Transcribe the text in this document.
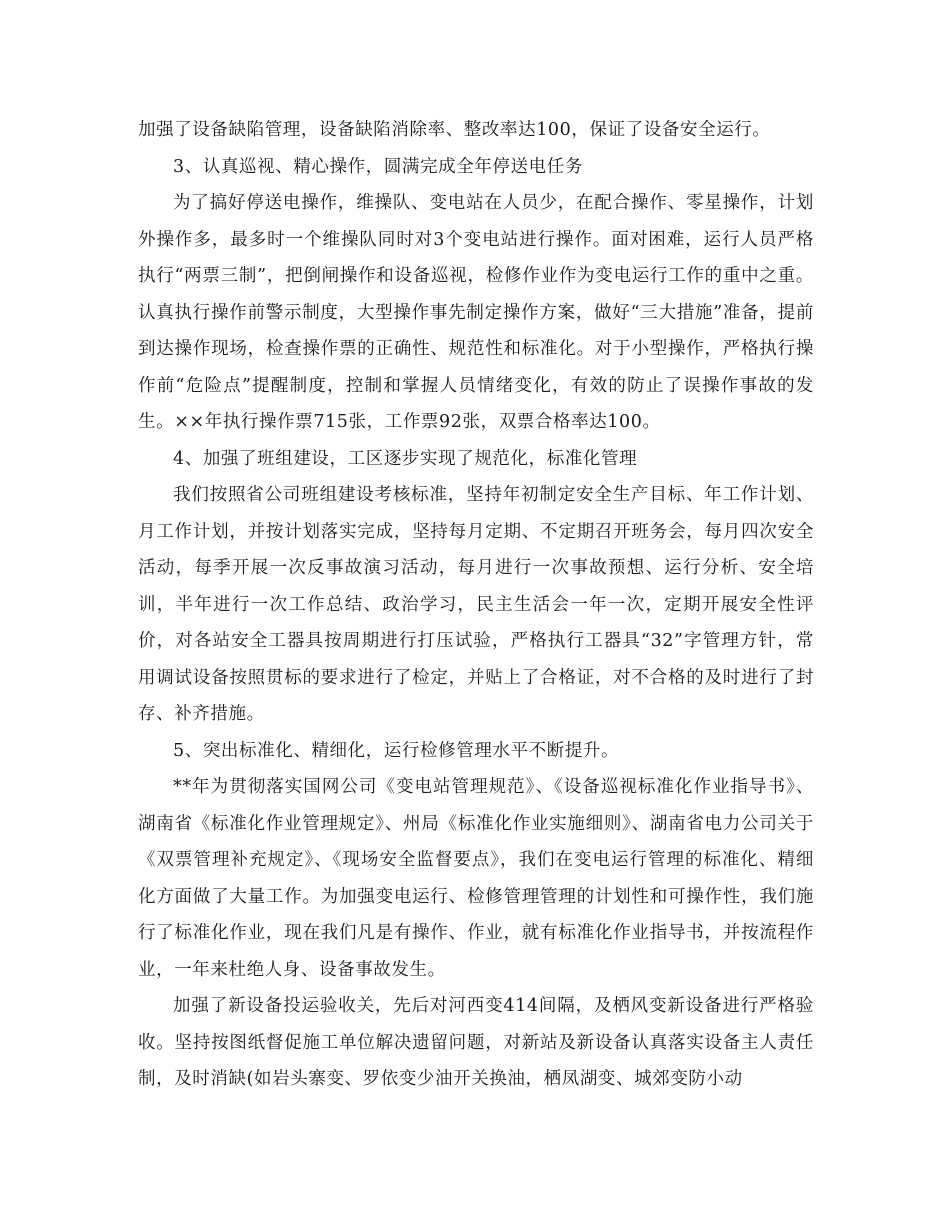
加强了设备缺陷管理，设备缺陷消除率、整改率达100，保证了设备安全运行。

3、认真巡视、精心操作，圆满完成全年停送电任务

为了搞好停送电操作，维操队、变电站在人员少，在配合操作、零星操作，计划外操作多，最多时一个维操队同时对3个变电站进行操作。面对困难，运行人员严格执行“两票三制”，把倒闸操作和设备巡视，检修作业作为变电运行工作的重中之重。认真执行操作前警示制度，大型操作事先制定操作方案，做好“三大措施”准备，提前到达操作现场，检查操作票的正确性、规范性和标准化。对于小型操作，严格执行操作前“危险点”提醒制度，控制和掌握人员情绪变化，有效的防止了误操作事故的发生。××年执行操作票715张，工作票92张，双票合格率达100。

4、加强了班组建设，工区逐步实现了规范化，标准化管理

我们按照省公司班组建设考核标准，坚持年初制定安全生产目标、年工作计划、月工作计划，并按计划落实完成，坚持每月定期、不定期召开班务会，每月四次安全活动，每季开展一次反事故演习活动，每月进行一次事故预想、运行分析、安全培训，半年进行一次工作总结、政治学习，民主生活会一年一次，定期开展安全性评价，对各站安全工器具按周期进行打压试验，严格执行工器具“32”字管理方针，常用调试设备按照贯标的要求进行了检定，并贴上了合格证，对不合格的及时进行了封存、补齐措施。

5、突出标准化、精细化，运行检修管理水平不断提升。

**年为贯彻落实国网公司《变电站管理规范》、《设备巡视标准化作业指导书》、湖南省《标准化作业管理规定》、州局《标准化作业实施细则》、湖南省电力公司关于《双票管理补充规定》、《现场安全监督要点》，我们在变电运行管理的标准化、精细化方面做了大量工作。为加强变电运行、检修管理管理的计划性和可操作性，我们施行了标准化作业，现在我们凡是有操作、作业，就有标准化作业指导书，并按流程作业，一年来杜绝人身、设备事故发生。

加强了新设备投运验收关，先后对河西变414间隔，及栖风变新设备进行严格验收。坚持按图纸督促施工单位解决遗留问题，对新站及新设备认真落实设备主人责任制，及时消缺(如岩头寨变、罗依变少油开关换油，栖凤湖变、城郊变防小动
